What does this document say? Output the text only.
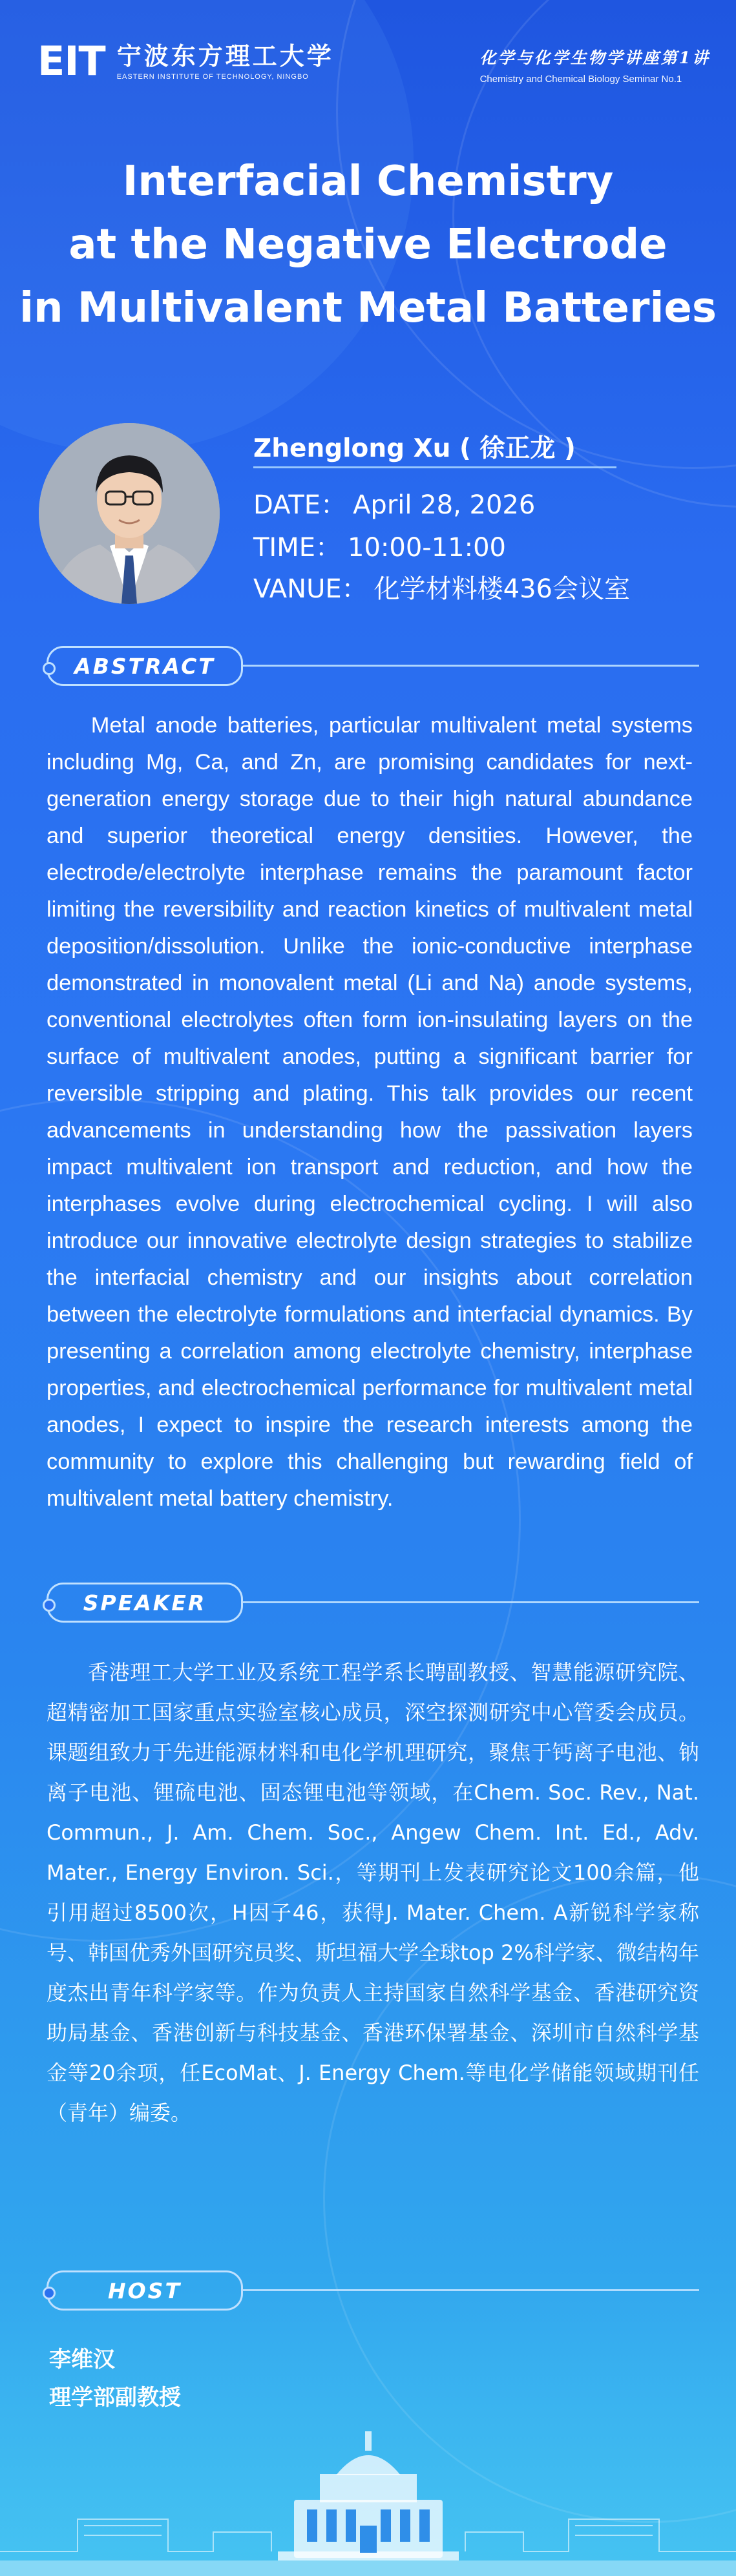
EIT 宁波东方理工大学
EASTERN INSTITUTE OF TECHNOLOGY, NINGBO
化学与化学生物学讲座第1讲
Chemistry and Chemical Biology Seminar No.1
Interfacial Chemistry
at the Negative Electrode
in Multivalent Metal Batteries
Zhenglong Xu ( 徐正龙 )
DATE： April 28, 2026
TIME： 10:00-11:00
VANUE： 化学材料楼436会议室
ABSTRACT
Metal anode batteries, particular multivalent metal systems including Mg, Ca, and Zn, are promising candidates for next-generation energy storage due to their high natural abundance and superior theoretical energy densities. However, the electrode/electrolyte interphase remains the paramount factor limiting the reversibility and reaction kinetics of multivalent metal deposition/dissolution. Unlike the ionic-conductive interphase demonstrated in monovalent metal (Li and Na) anode systems, conventional electrolytes often form ion-insulating layers on the surface of multivalent anodes, putting a significant barrier for reversible stripping and plating. This talk provides our recent advancements in understanding how the passivation layers impact multivalent ion transport and reduction, and how the interphases evolve during electrochemical cycling. I will also introduce our innovative electrolyte design strategies to stabilize the interfacial chemistry and our insights about correlation between the electrolyte formulations and interfacial dynamics. By presenting a correlation among electrolyte chemistry, interphase properties, and electrochemical performance for multivalent metal anodes, I expect to inspire the research interests among the community to explore this challenging but rewarding field of multivalent metal battery chemistry.
SPEAKER
香港理工大学工业及系统工程学系长聘副教授、智慧能源研究院、超精密加工国家重点实验室核心成员，深空探测研究中心管委会成员。课题组致力于先进能源材料和电化学机理研究，聚焦于钙离子电池、钠离子电池、锂硫电池、固态锂电池等领域，在Chem. Soc. Rev., Nat. Commun., J. Am. Chem. Soc., Angew Chem. Int. Ed., Adv. Mater., Energy Environ. Sci.，等期刊上发表研究论文100余篇，他引用超过8500次，H因子46，获得J. Mater. Chem. A新锐科学家称号、韩国优秀外国研究员奖、斯坦福大学全球top 2%科学家、微结构年度杰出青年科学家等。作为负责人主持国家自然科学基金、香港研究资助局基金、香港创新与科技基金、香港环保署基金、深圳市自然科学基金等20余项，任EcoMat、J. Energy Chem.等电化学储能领域期刊任（青年）编委。
HOST
李维汉
理学部副教授
